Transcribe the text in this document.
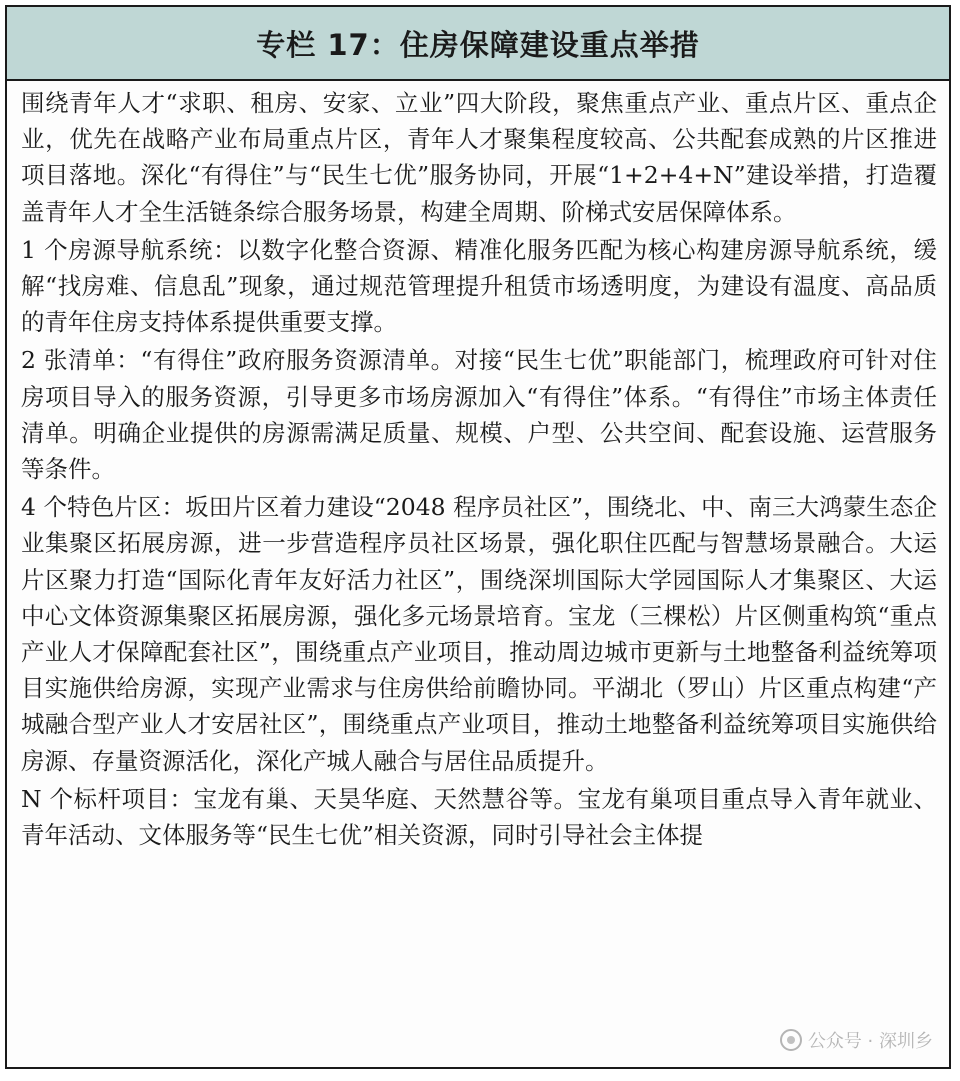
专栏 17：住房保障建设重点举措

围绕青年人才“求职、租房、安家、立业”四大阶段，聚焦重点产业、重点片区、重点企业，优先在战略产业布局重点片区，青年人才聚集程度较高、公共配套成熟的片区推进项目落地。深化“有得住”与“民生七优”服务协同，开展“1+2+4+N”建设举措，打造覆盖青年人才全生活链条综合服务场景，构建全周期、阶梯式安居保障体系。

1 个房源导航系统：以数字化整合资源、精准化服务匹配为核心构建房源导航系统，缓解“找房难、信息乱”现象，通过规范管理提升租赁市场透明度，为建设有温度、高品质的青年住房支持体系提供重要支撑。

2 张清单：“有得住”政府服务资源清单。对接“民生七优”职能部门，梳理政府可针对住房项目导入的服务资源，引导更多市场房源加入“有得住”体系。“有得住”市场主体责任清单。明确企业提供的房源需满足质量、规模、户型、公共空间、配套设施、运营服务等条件。

4 个特色片区：坂田片区着力建设“2048 程序员社区”，围绕北、中、南三大鸿蒙生态企业集聚区拓展房源，进一步营造程序员社区场景，强化职住匹配与智慧场景融合。大运片区聚力打造“国际化青年友好活力社区”，围绕深圳国际大学园国际人才集聚区、大运中心文体资源集聚区拓展房源，强化多元场景培育。宝龙（三棵松）片区侧重构筑“重点产业人才保障配套社区”，围绕重点产业项目，推动周边城市更新与土地整备利益统筹项目实施供给房源，实现产业需求与住房供给前瞻协同。平湖北（罗山）片区重点构建“产城融合型产业人才安居社区”，围绕重点产业项目，推动土地整备利益统筹项目实施供给房源、存量资源活化，深化产城人融合与居住品质提升。

N 个标杆项目：宝龙有巢、天昊华庭、天然慧谷等。宝龙有巢项目重点导入青年就业、青年活动、文体服务等“民生七优”相关资源，同时引导社会主体提

公众号 · 深圳乡
